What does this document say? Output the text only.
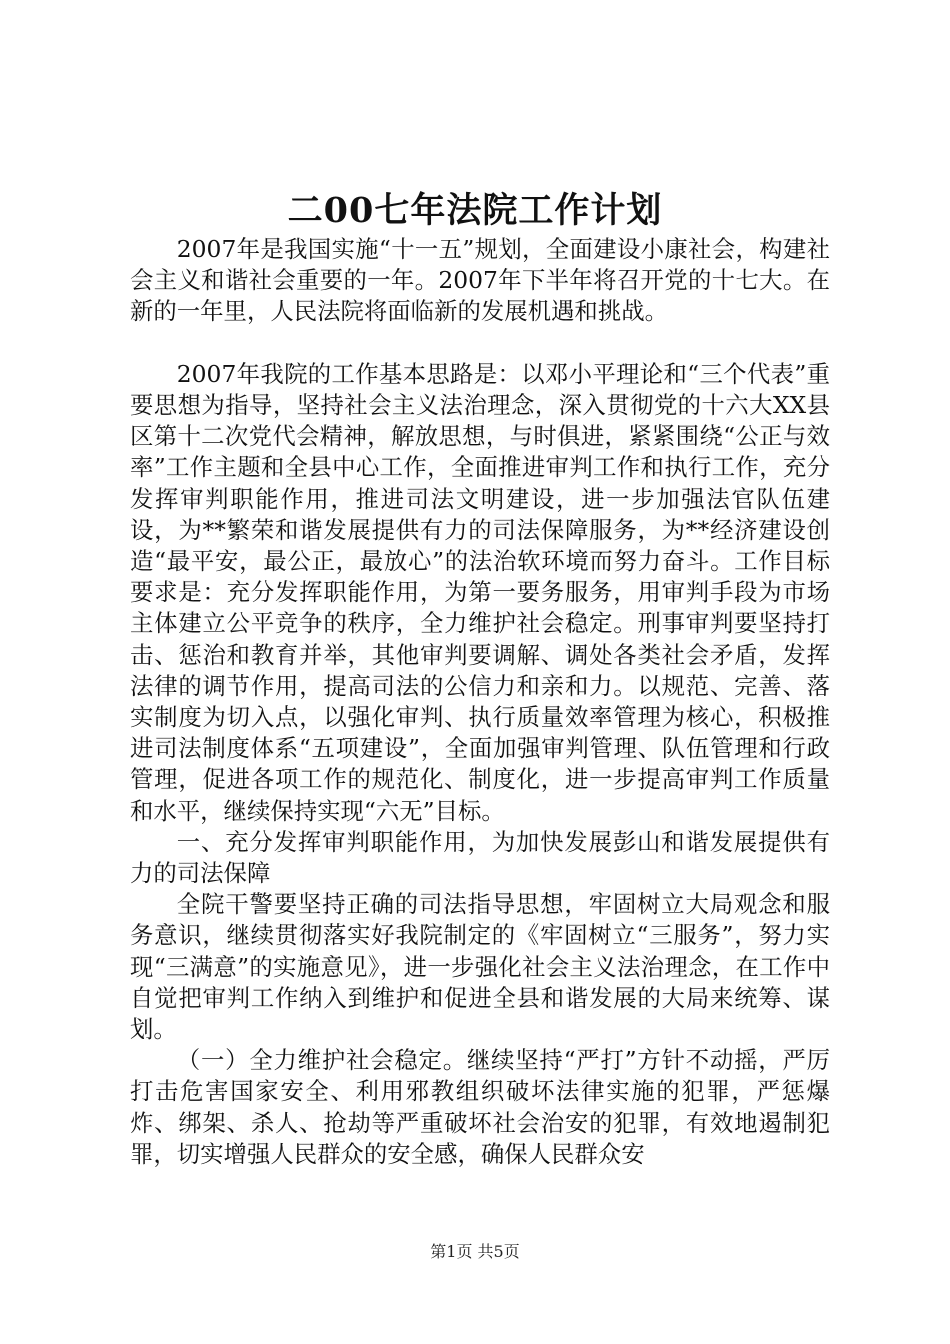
二00七年法院工作计划

2007年是我国实施“十一五”规划，全面建设小康社会，构建社会主义和谐社会重要的一年。2007年下半年将召开党的十七大。在新的一年里，人民法院将面临新的发展机遇和挑战。

2007年我院的工作基本思路是：以邓小平理论和“三个代表”重要思想为指导，坚持社会主义法治理念，深入贯彻党的十六大XX县区第十二次党代会精神，解放思想，与时俱进，紧紧围绕“公正与效率”工作主题和全县中心工作，全面推进审判工作和执行工作，充分发挥审判职能作用，推进司法文明建设，进一步加强法官队伍建设，为**繁荣和谐发展提供有力的司法保障服务，为**经济建设创造“最平安，最公正，最放心”的法治软环境而努力奋斗。工作目标要求是：充分发挥职能作用，为第一要务服务，用审判手段为市场主体建立公平竞争的秩序，全力维护社会稳定。刑事审判要坚持打击、惩治和教育并举，其他审判要调解、调处各类社会矛盾，发挥法律的调节作用，提高司法的公信力和亲和力。以规范、完善、落实制度为切入点，以强化审判、执行质量效率管理为核心，积极推进司法制度体系“五项建设”，全面加强审判管理、队伍管理和行政管理，促进各项工作的规范化、制度化，进一步提高审判工作质量和水平，继续保持实现“六无”目标。

一、充分发挥审判职能作用，为加快发展彭山和谐发展提供有力的司法保障

全院干警要坚持正确的司法指导思想，牢固树立大局观念和服务意识，继续贯彻落实好我院制定的《牢固树立“三服务”，努力实现“三满意”的实施意见》，进一步强化社会主义法治理念，在工作中自觉把审判工作纳入到维护和促进全县和谐发展的大局来统筹、谋划。

（一）全力维护社会稳定。继续坚持“严打”方针不动摇，严厉打击危害国家安全、利用邪教组织破坏法律实施的犯罪，严惩爆炸、绑架、杀人、抢劫等严重破坏社会治安的犯罪，有效地遏制犯罪，切实增强人民群众的安全感，确保人民群众安

第1页 共5页
